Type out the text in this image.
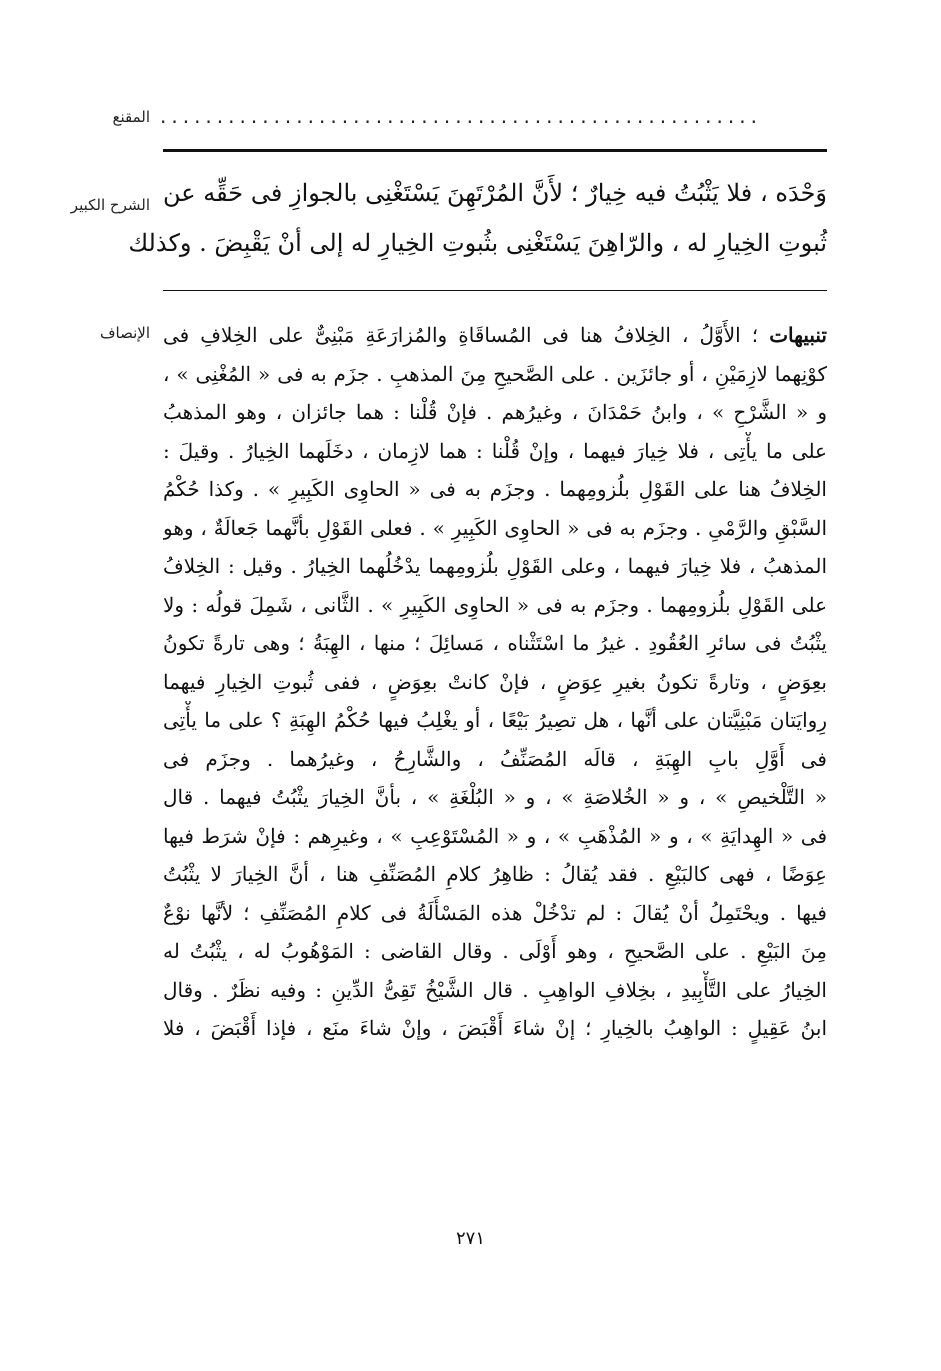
المقنع
الشرح الكبير
الإنصاف
.....................................................
وَحْدَه ، فلا يَثْبُتُ فيه خِيارٌ ؛ لأَنَّ المُرْتَهِنَ يَسْتَغْنِى بالجوازِ فى حَقِّه عن
ثُبوتِ الخِيارِ له ، والرّاهِنَ يَسْتَغْنِى بثُبوتِ الخِيارِ له إلى أنْ يَقْبِضَ . وكذلك
تنبيهات ؛ الأَوَّلُ ، الخِلافُ هنا فى المُساقَاةِ والمُزارَعَةِ مَبْنِىٌّ على الخِلافِ فى
كوْنِهما لازِمَيْنِ ، أو جائزَين . على الصَّحيحِ مِنَ المذهبِ . جزَم به فى « المُغْنِى » ،
و « الشَّرْحِ » ، وابنُ حَمْدَانَ ، وغيرُهم . فإنْ قُلْنا : هما جائزان ، وهو المذهبُ
على ما يأْتِى ، فلا خِيارَ فيهما ، وإنْ قُلْنا : هما لازِمان ، دخَلَهما الخِيارُ . وقيلَ :
الخِلافُ هنا على القَوْلِ بلُزومِهما . وجزَم به فى « الحاوِى الكَبِيرِ » . وكذا حُكْمُ
السَّبْقِ والرَّمْىِ . وجزَم به فى « الحاوِى الكَبِيرِ » . فعلى القَوْلِ بأنَّهما جَعالَةٌ ، وهو
المذهبُ ، فلا خِيارَ فيهما ، وعلى القَوْلِ بلُزومِهما يدْخُلُهما الخِيارُ . وقيل : الخِلافُ
على القَوْلِ بلُزومِهما . وجزَم به فى « الحاوِى الكَبِيرِ » . الثَّانى ، شَمِلَ قولُه : ولا
يثْبُتُ فى سائرِ العُقُودِ . غيرُ ما اسْتَثْناه ، مَسائِلَ ؛ منها ، الهِبَةُ ؛ وهى تارةً تكونُ
بعِوَضٍ ، وتارةً تكونُ بغيرِ عِوَضٍ ، فإنْ كانتْ بعِوَضٍ ، ففى ثُبوتِ الخِيارِ فيهما
رِوايَتان مَبْنِيَّتان على أنَّها ، هل تصِيرُ بَيْعًا ، أو يغْلِبُ فيها حُكْمُ الهِبَةِ ؟ على ما يأْتِى
فى أَوَّلِ بابِ الهِبَةِ ، قالَه المُصَنِّفُ ، والشَّارِحُ ، وغيرُهما . وجزَم فى
« التَّلْخيصِ » ، و « الخُلاصَةِ » ، و « البُلْغَةِ » ، بأنَّ الخِيارَ يثْبُتُ فيهما . قال
فى « الهِدايَةِ » ، و « المُذْهَبِ » ، و « المُسْتَوْعِبِ » ، وغيرِهم : فإنْ شرَط فيها
عِوَضًا ، فهى كالبَيْعِ . فقد يُقالُ : ظاهِرُ كلامِ المُصَنِّفِ هنا ، أنَّ الخِيارَ لا يثْبُتُ
فيها . ويحْتَمِلُ أنْ يُقالَ : لم تدْخُلْ هذه المَسْأَلَةُ فى كلامِ المُصَنِّفِ ؛ لأنَّها نوْعٌ
مِنَ البَيْعِ . على الصَّحيحِ ، وهو أَوْلَى . وقال القاضى : المَوْهُوبُ له ، يثْبُتُ له
الخِيارُ على التَّأْبِيدِ ، بخِلافِ الواهِبِ . قال الشَّيْخُ تَقِىُّ الدِّينِ : وفيه نظَرٌ . وقال
ابنُ عَقِيلٍ : الواهِبُ بالخِيارِ ؛ إنْ شاءَ أَقْبَضَ ، وإنْ شاءَ منَع ، فإذا أَقْبَضَ ، فلا
٢٧١
